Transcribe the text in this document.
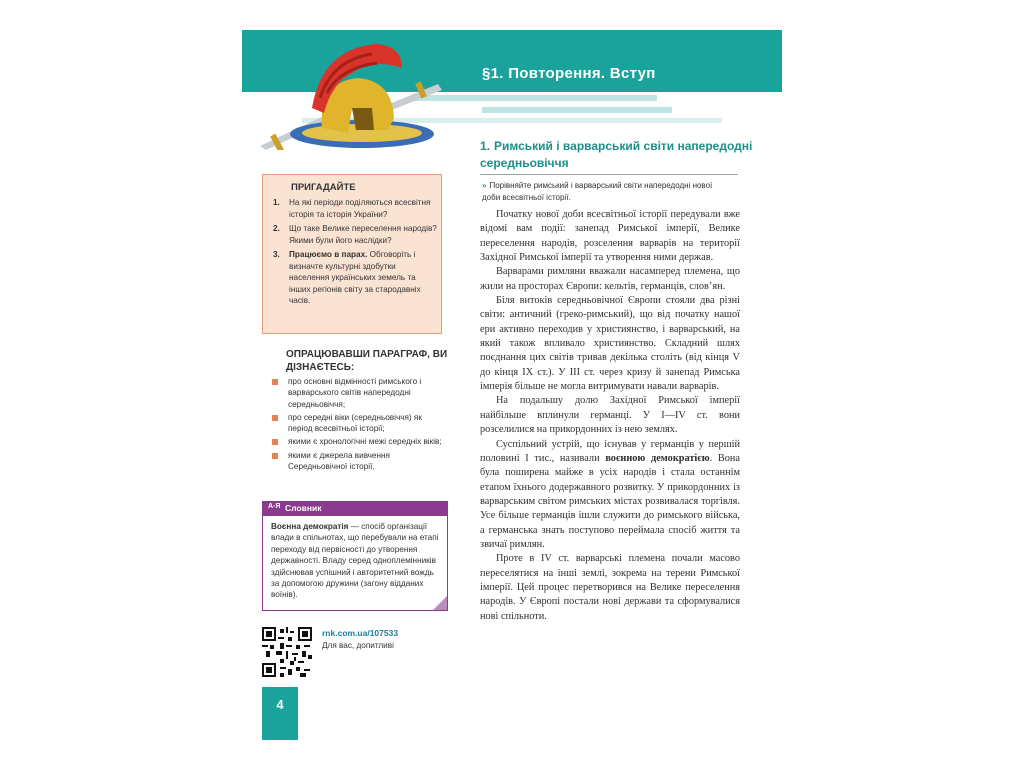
§1. Повторення. Вступ
1. Римський і варварський світи напередодні середньовіччя
» Порівняйте римський і варварський світи напередодні нової доби всесвітньої історії.
ПРИГАДАЙТЕ
1. На які періоди поділяються всесвітня історія та історія України?
2. Що таке Велике переселення народів? Якими були його наслідки?
3. Працюємо в парах. Обговоріть і визначте культурні здобутки населення українських земель та інших регіонів світу за стародавніх часів.
ОПРАЦЮВАВШИ ПАРАГРАФ, ВИ ДІЗНАЄТЕСЬ:
про основні відмінності римського і варварського світів напередодні середньовіччя;
про середні віки (середньовіччя) як період всесвітньої історії;
якими є хронологічні межі середніх віків;
якими є джерела вивчення Середньовічної історії.
А-Я Словник
Воєнна демократія — спосіб організації влади в спільнотах, що перебували на етапі переходу від первісності до утворення державності. Владу серед одноплемінників здійснював успішний і авторитетний вождь за допомогою дружини (загону відданих воїнів).
rnk.com.ua/107533
Для вас, допитливі
4

Початку нової доби всесвітньої історії передували вже відомі вам події: занепад Римської імперії, Велике переселення народів, розселення варварів на території Західної Римської імперії та утворення ними держав.

Варварами римляни вважали насамперед племена, що жили на просторах Європи: кельтів, германців, слов’ян.

Біля витоків середньовічної Європи стояли два різні світи: античний (греко-римський), що від початку нашої ери активно переходив у християнство, і варварський, на який також впливало християнство. Складний шлях поєднання цих світів тривав декілька століть (від кінця V до кінця IX ст.). У III ст. через кризу й занепад Римська імперія більше не могла витримувати навали варварів.

На подальшу долю Західної Римської імперії найбільше вплинули германці. У I—IV ст. вони розселилися на прикордонних із нею землях.

Суспільний устрій, що існував у германців у першій половині I тис., називали воєнною демократією. Вона була поширена майже в усіх народів і стала останнім етапом їхнього додержавного розвитку. У прикордонних із варварським світом римських містах розвивалася торгівля. Усе більше германців ішли служити до римського війська, а германська знать поступово переймала спосіб життя та звичаї римлян.

Проте в IV ст. варварські племена почали масово переселятися на інші землі, зокрема на терени Римської імперії. Цей процес перетворився на Велике переселення народів. У Європі постали нові держави та сформувалися нові спільноти.
